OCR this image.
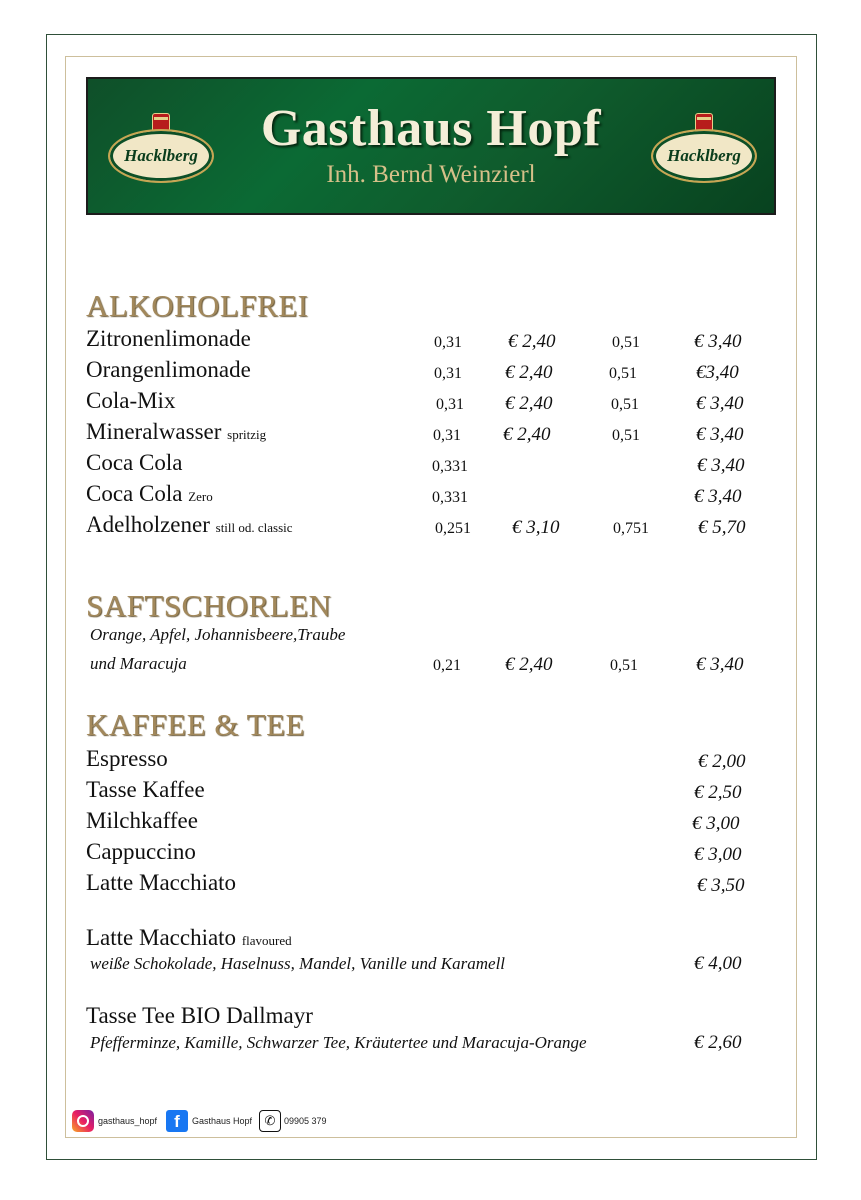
Hacklberg	Gasthaus Hopf
Inh. Bernd Weinzierl
Hacklberg
ALKOHOLFREI
Zitronenlimonade	0,31 € 2,40	0,51	€ 3,40
Orangenlimonade	0,31 € 2,40	0,51	€3,40
Cola-Mix	0,31 € 2,40	0,51	€ 3,40
Mineralwasser spritzig	0,31 € 2,40	0,51	€ 3,40
Coca Cola	0,331	€ 3,40
Coca Cola Zero	0,331	€ 3,40
Adelholzener still od. classic	0,251 € 3,10	0,751	€ 5,70
SAFTSCHORLEN
Orange, Apfel, Johannisbeere,Traube
und Maracuja	0,21 € 2,40	0,51	€ 3,40
KAFFEE & TEE
Espresso	€ 2,00
Tasse Kaffee	€ 2,50
Milchkaffee	€ 3,00
Cappuccino	€ 3,00
Latte Macchiato	€ 3,50
Latte Macchiato flavoured
weiße Schokolade, Haselnuss, Mandel, Vanille und Karamell	€ 4,00
Tasse Tee BIO Dallmayr
Pfefferminze, Kamille, Schwarzer Tee, Kräutertee und Maracuja-Orange	€ 2,60
gasthaus_hopf	f	Gasthaus Hopf ✆ 09905 379
